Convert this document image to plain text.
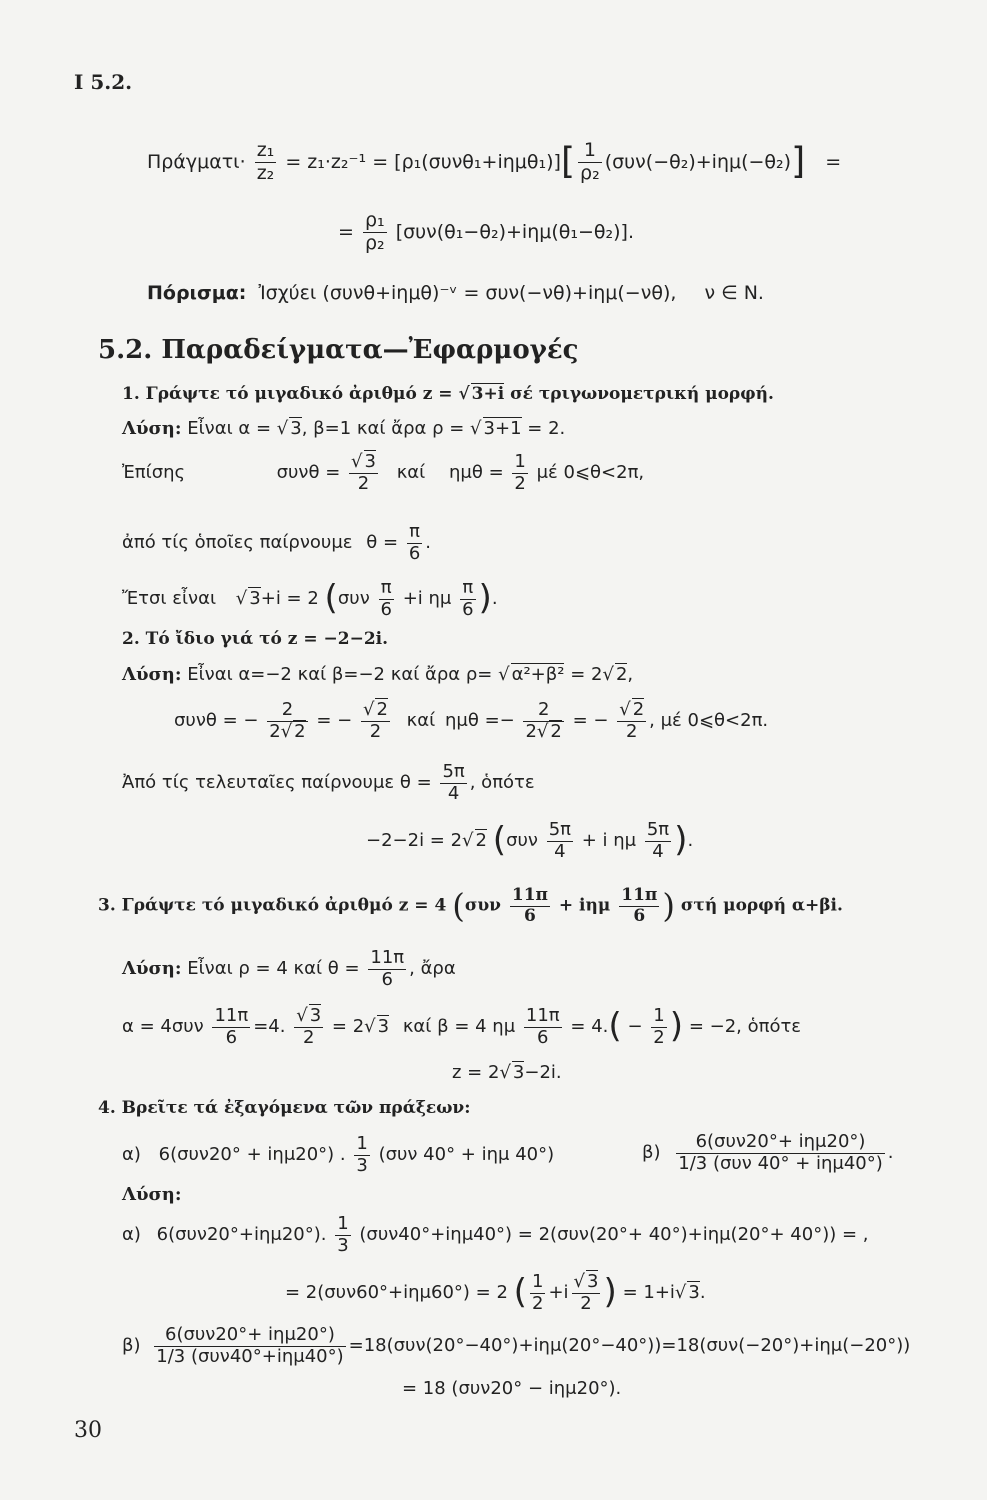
I 5.2.
$\Pi\rho ά\gamma\mu\alpha\tau\iota\cdot \frac{\text{z₁}}{\text{z₂}} = z_1\cdot z_2^{-1} = [\rho_1(\sigma\upsilon\nu\theta_1+i\eta\mu\theta_1)][ \frac{1}{\text{ρ₂}} (\sigma\upsilon\nu(-\theta_2)+i\eta\mu(-\theta_2)]$ =
= $\frac{\text{ρ₁}}{\text{ρ₂}} [\sigma\upsilon\nu(\theta_1-\theta_2)+i\eta\mu(\theta_1-\theta_2)]$.
Πόρισμα: Ἰσχύει (συνθ+iημθ)⁻ᵛ = συν(−νθ)+iημ(−νθ), ν ∈ N.
5.2. Παραδείγματα—Ἐφαρμογές
1. Γράψτε τό μιγαδικό ἀριθμό z = √ 3+i σέ τριγωνομετρική μορφή.
Λύση: Εἶναι α = √ 3, β=1 καί ἄρα ρ = √ 3+1 = 2.
Ἐπίσης	$\sigma\upsilon\nu\theta = \frac{√ 3}{2}$ καί $\eta\mu\theta = \frac{1}{2}$ μέ 0⩽θ<2π,
ἀπό τίς ὁποῖες παίρνουμε $\theta = \frac{\pi}{6}$ .
Ἔτσι εἶναι √ 3+i = 2 ($\sigma\upsilon\nu \frac{\pi}{6} +i$ ημ $\frac{\pi}{6}$ ).
2. Τό ἴδιο γιά τό z = −2−2i.
Λύση: Εἶναι α=−2 καί β=−2 καί ἄρα ρ= √ α²+β² = 2√ 2,
συνθ = − $\frac{2}{2√ 2}$ = − $\frac{√ 2}{2}$ καί $\eta\mu\theta =- \frac{2}{2√ 2}$ = − $\frac{√ 2}{2}$ , μέ 0⩽θ<2π.
Ἀπό τίς τελευταῖες παίρνουμε $\theta = \frac{5\pi}{4}$ , ὁπότε
−2−2i = 2√ 2 ($\sigma\upsilon\nu \frac{5\pi}{4} + i$ ημ $\frac{5\pi}{4}$ ).
3. Γράψτε τό μιγαδικό ἀριθμό z = 4 ($\sigma\upsilon\nu \frac{11\pi}{6} + i\eta\mu \frac{11\pi}{6}$ ) στή μορφή α+βi.
Λύση: Εἶναι ρ = 4 καί $\theta = \frac{11\pi}{6}$ , ἄρα
$\alpha = 4\sigma\upsilon\nu \frac{11\pi}{6} =4$. $\frac{√ 3}{2} = 2√$ 3 καί β = 4 ημ $\frac{11\pi}{6} = 4.( - \frac{1}{2}$ ) = −2, ὁπότε
z = 2√ 3−2i.
4. Βρεῖτε τά ἐξαγόμενα τῶν πράξεων:
α) 6(συν20° + iημ20°) . $\frac{1}{3} (\sigma\upsilon\nu$ 40° + iημ 40°)	$\beta) \frac{\text{6(συν20°+ iημ20°)}}{\text{1/3 (συν 40° + iημ40°)}}$ .
Λύση:
α) 6(συν20°+iημ20°). $\frac{1}{3} (\sigma\upsilon\nu 40^\circ+i\eta\mu 40^\circ) = 2(\sigma\upsilon\nu(20^\circ+ 40^\circ)+i\eta\mu(20^\circ+ 40^\circ))$ = ,
= 2(συν60°+iημ60°) = 2 ( $\frac{1}{2} +i \frac{√ 3}{2}$ ) = 1+i√ 3.
$\beta) \frac{\text{6(συν20°+ iημ20°)}}{\text{1/3 (συν40°+iημ40°)}} =18(\sigma\upsilon\nu(20^\circ-40^\circ)+i\eta\mu(20^\circ-40^\circ))=18(\sigma\upsilon\nu(-20^\circ)+i\eta\mu(-20^\circ))$
= 18 (συν20° − iημ20°).
30
